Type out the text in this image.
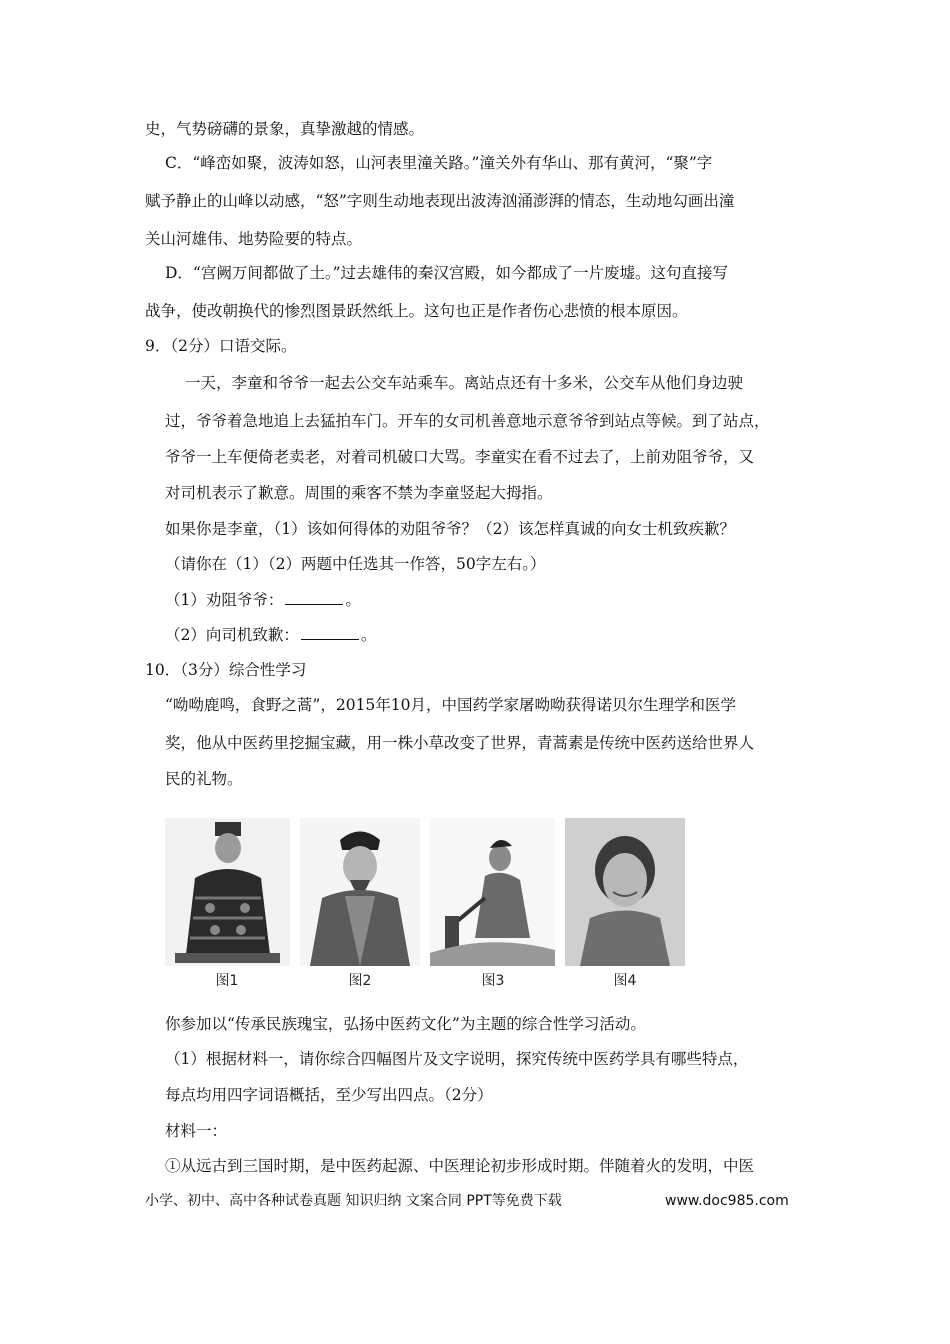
史，气势磅礴的景象，真挚激越的情感。
C．“峰峦如聚，波涛如怒，山河表里潼关路。”潼关外有华山、那有黄河，“聚”字
赋予静止的山峰以动感，“怒”字则生动地表现出波涛汹涌澎湃的情态，生动地勾画出潼
关山河雄伟、地势险要的特点。
D．“宫阙万间都做了土。”过去雄伟的秦汉宫殿，如今都成了一片废墟。这句直接写
战争，使改朝换代的惨烈图景跃然纸上。这句也正是作者伤心悲愤的根本原因。
9．（2分）口语交际。
一天，李童和爷爷一起去公交车站乘车。离站点还有十多米，公交车从他们身边驶
过，爷爷着急地追上去猛拍车门。开车的女司机善意地示意爷爷到站点等候。到了站点，
爷爷一上车便倚老卖老，对着司机破口大骂。李童实在看不过去了，上前劝阻爷爷，又
对司机表示了歉意。周围的乘客不禁为李童竖起大拇指。
如果你是李童，（1）该如何得体的劝阻爷爷？（2）该怎样真诚的向女士机致疾歉？
（请你在（1）（2）两题中任选其一作答，50字左右。）
（1）劝阻爷爷：	。
（2）向司机致歉：	。
10．（3分）综合性学习
“呦呦鹿鸣，食野之蒿”，2015年10月，中国药学家屠呦呦获得诺贝尔生理学和医学
奖，他从中医药里挖掘宝藏，用一株小草改变了世界，青蒿素是传统中医药送给世界人
民的礼物。
图1	图2	图3	图4
你参加以“传承民族瑰宝，弘扬中医药文化”为主题的综合性学习活动。
（1）根据材料一，请你综合四幅图片及文字说明，探究传统中医药学具有哪些特点，
每点均用四字词语概括，至少写出四点。（2分）
材料一：
①从远古到三国时期，是中医药起源、中医理论初步形成时期。伴随着火的发明，中医
小学、初中、高中各种试卷真题 知识归纳 文案合同 PPT等免费下载	www.doc985.com
